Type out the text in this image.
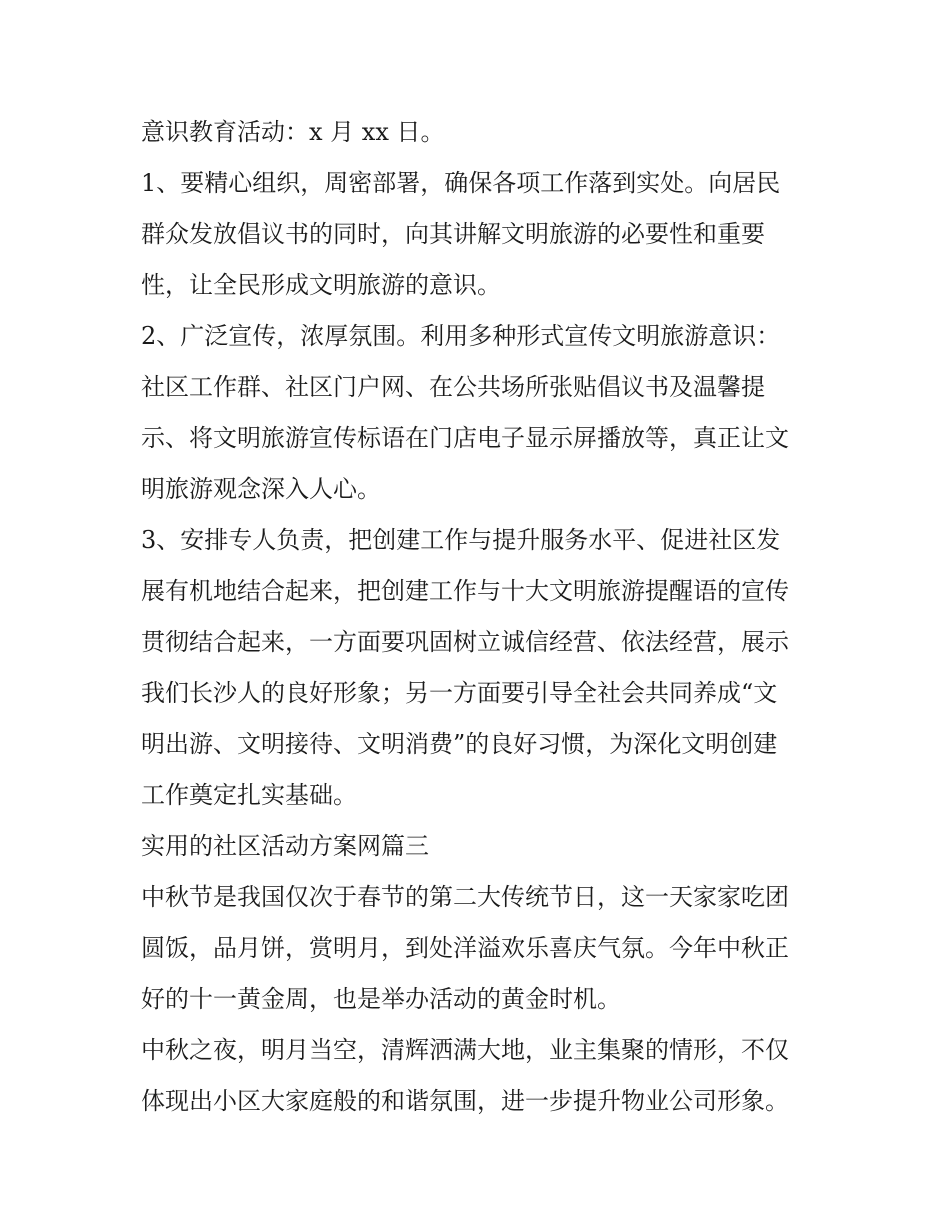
意识教育活动：x 月 xx 日。
1、要精心组织，周密部署，确保各项工作落到实处。向居民
群众发放倡议书的同时，向其讲解文明旅游的必要性和重要
性，让全民形成文明旅游的意识。
2、广泛宣传，浓厚氛围。利用多种形式宣传文明旅游意识：
社区工作群、社区门户网、在公共场所张贴倡议书及温馨提
示、将文明旅游宣传标语在门店电子显示屏播放等，真正让文
明旅游观念深入人心。
3、安排专人负责，把创建工作与提升服务水平、促进社区发
展有机地结合起来，把创建工作与十大文明旅游提醒语的宣传
贯彻结合起来，一方面要巩固树立诚信经营、依法经营，展示
我们长沙人的良好形象；另一方面要引导全社会共同养成“文
明出游、文明接待、文明消费”的良好习惯，为深化文明创建
工作奠定扎实基础。
实用的社区活动方案网篇三
中秋节是我国仅次于春节的第二大传统节日，这一天家家吃团
圆饭，品月饼，赏明月，到处洋溢欢乐喜庆气氛。今年中秋正
好的十一黄金周，也是举办活动的黄金时机。
中秋之夜，明月当空，清辉洒满大地，业主集聚的情形，不仅
体现出小区大家庭般的和谐氛围，进一步提升物业公司形象。
